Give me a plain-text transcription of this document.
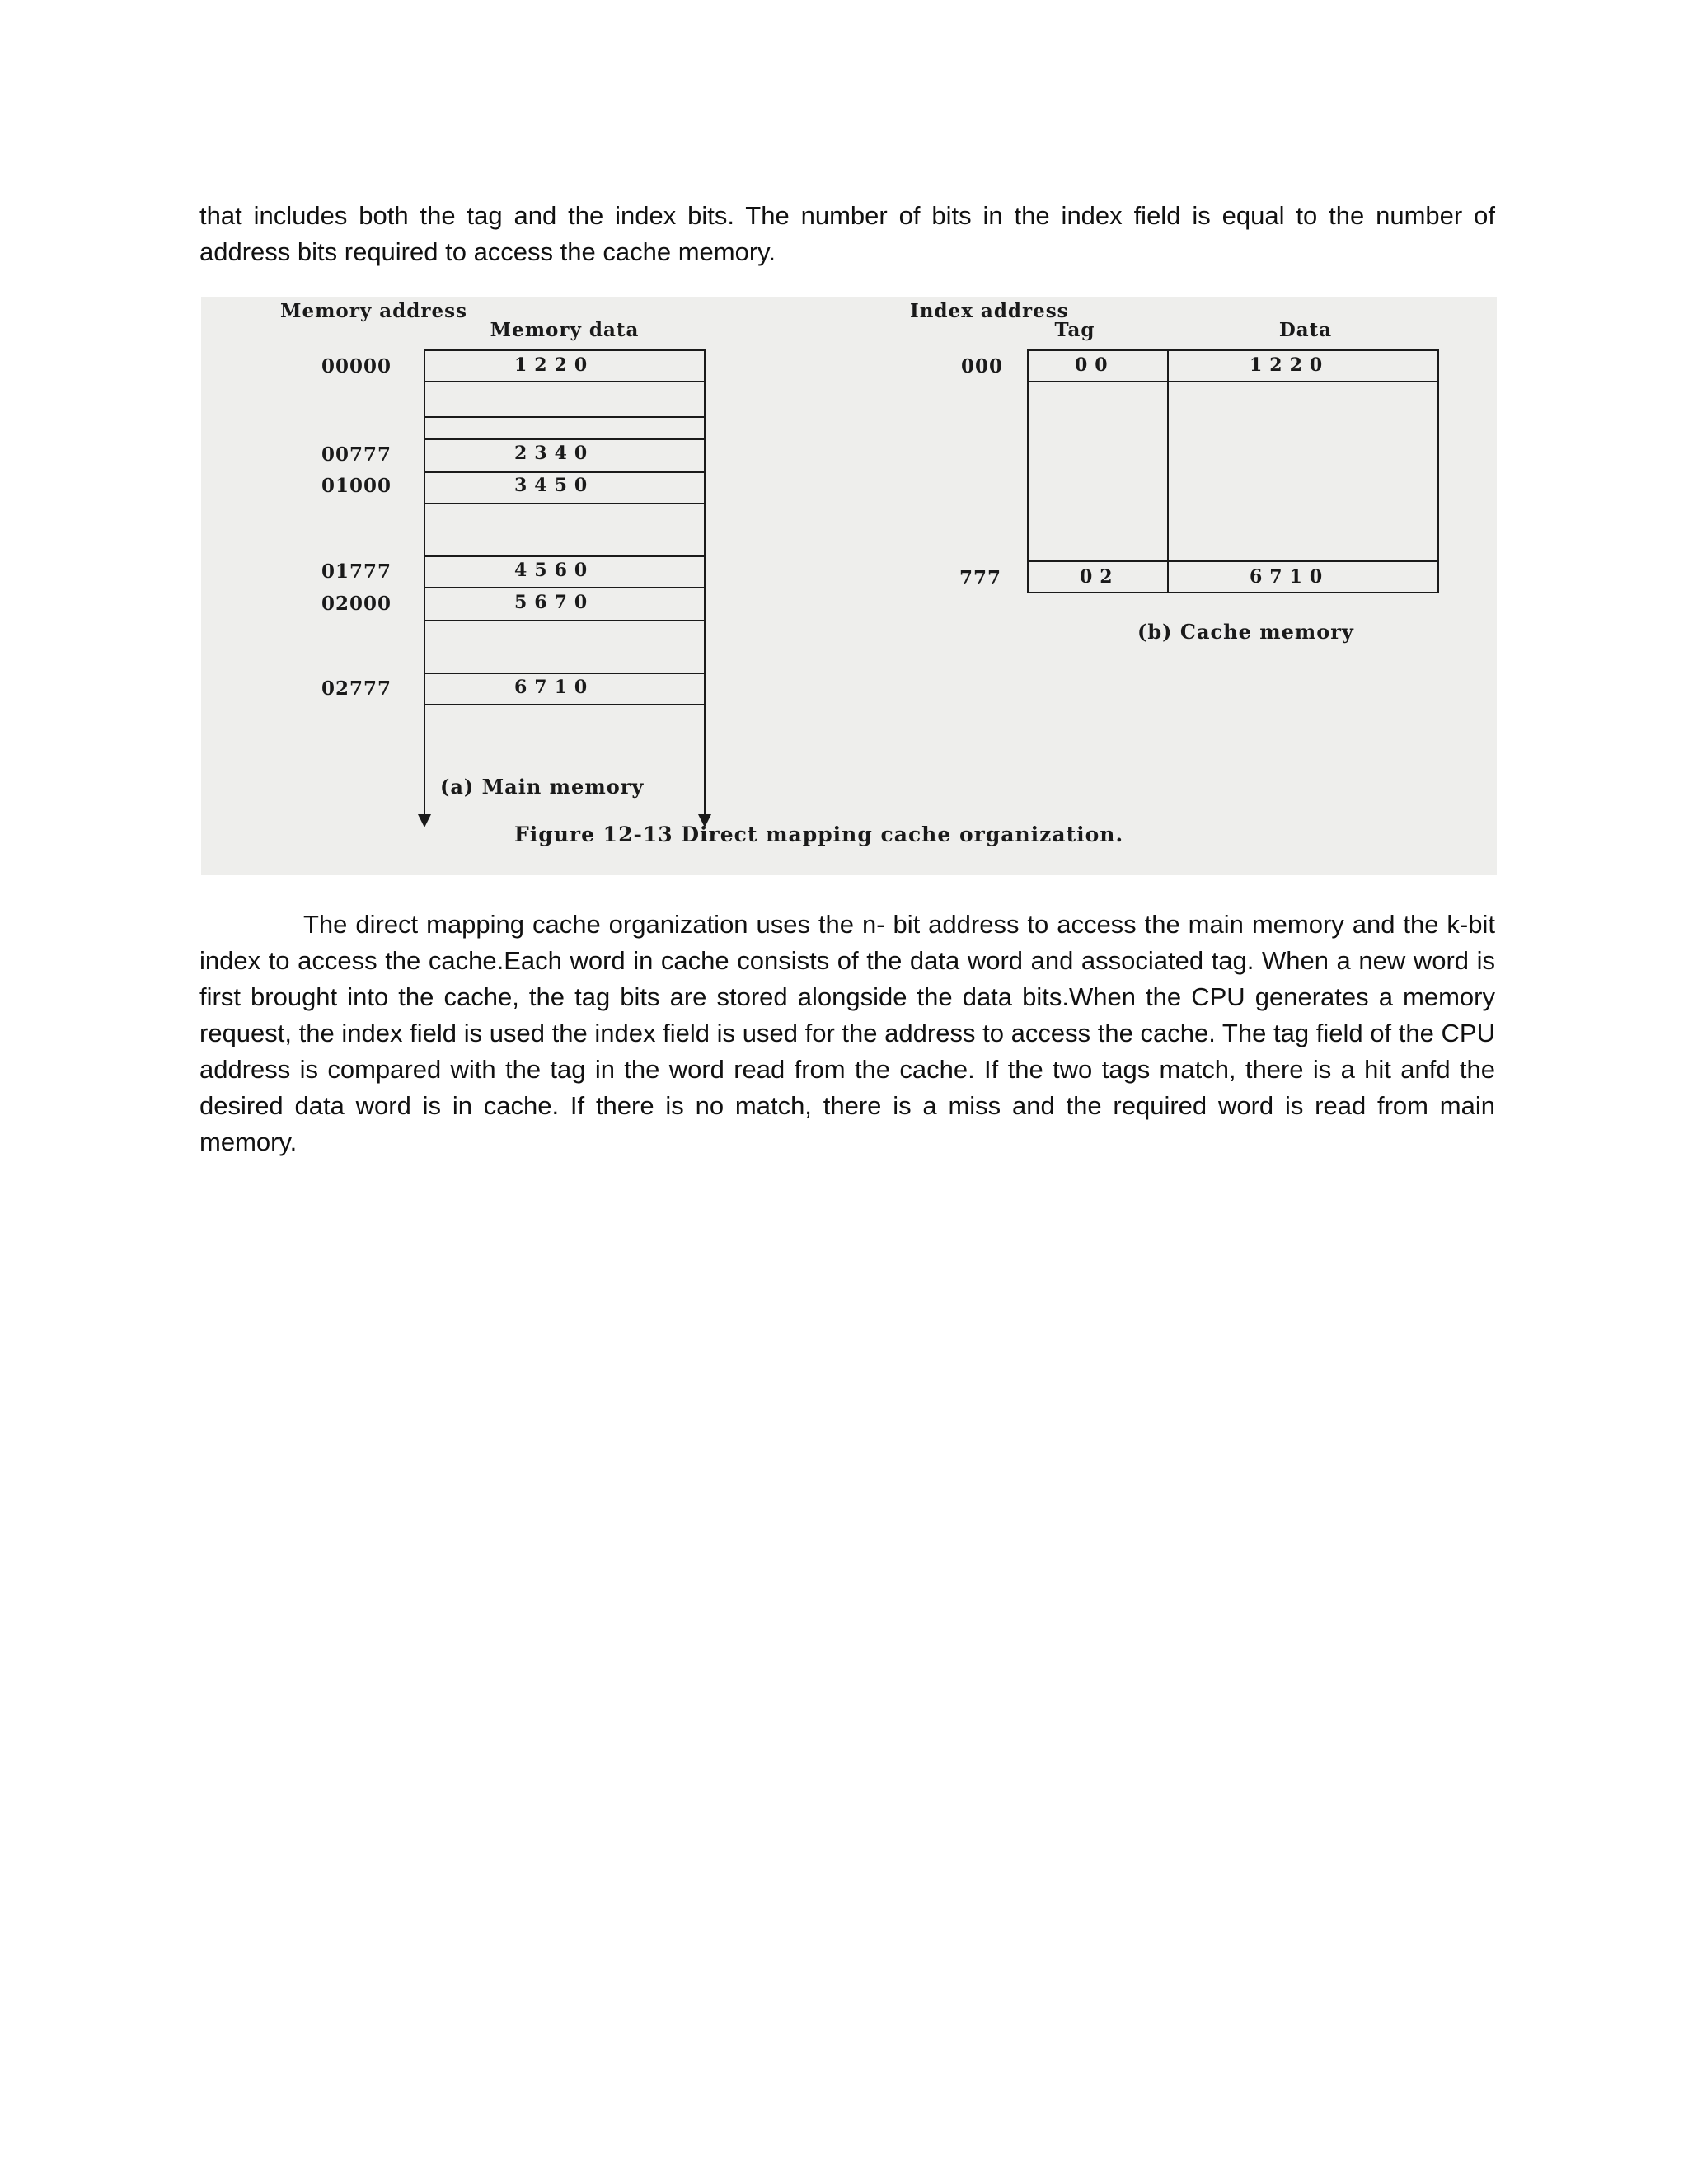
that includes both the tag and the index bits. The number of bits in the index field is equal to the number of address bits required to access the cache memory.

Memory address
Memory data
00000	1220
00777	2340
01000	3450
01777	4560
02000	5670
02777	6710
(a) Main memory
Index address
Tag	Data
000	00	1220
777	02	6710
(b) Cache memory
Figure 12-13 Direct mapping cache organization.

The direct mapping cache organization uses the n- bit address to access the main memory and the k-bit index to access the cache.Each word in cache consists of the data word and associated tag. When a new word is first brought into the cache, the tag bits are stored alongside the data bits.When the CPU generates a memory request, the index field is used the index field is used for the address to access the cache. The tag field of the CPU address is compared with the tag in the word read from the cache. If the two tags match, there is a hit anfd the desired data word is in cache. If there is no match, there is a miss and the required word is read from main memory.
